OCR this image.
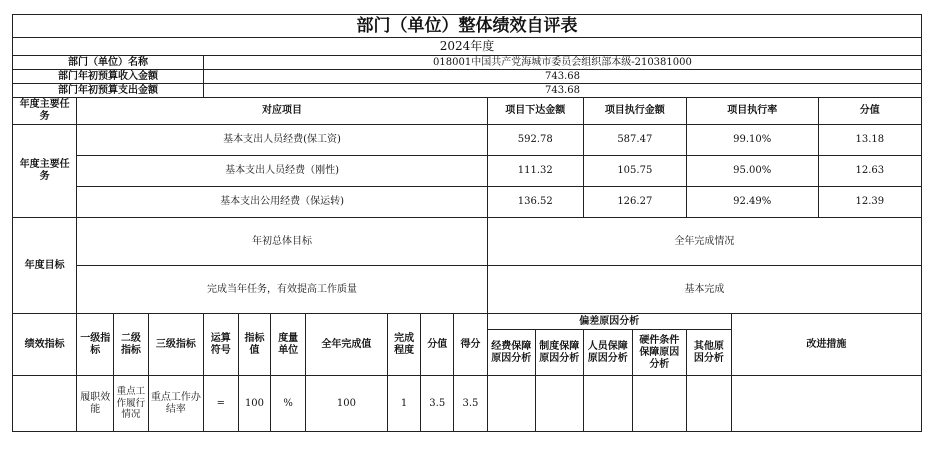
部门（单位）整体绩效自评表																	
2024年度																	
部门（单位）名称				018001中国共产党海城市委员会组织部本级-210381000													
部门年初预算收入金额				743.68													
部门年初预算支出金额				743.68													
年度主要任务	对应项目										项目下达金额		项目执行金额		项目执行率		分值
年度主要任务	基本支出人员经费(保工资)										592.78		587.47		99.10%		13.18
	基本支出人员经费（刚性)										111.32		105.75		95.00%		12.63
	基本支出公用经费（保运转)										136.52		126.27		92.49%		12.39
年度目标	年初总体目标										全年完成情况						
	完成当年任务，有效提高工作质量										基本完成						
绩效指标	一级指标	二级指标	三级指标	运算符号	指标值	度量单位	全年完成值	完成程度	分值	得分	偏差原因分析					改进措施	
											经费保障原因分析	制度保障原因分析	人员保障原因分析	硬件条件保障原因分析	其他原因分析		
	履职效能	重点工作履行情况	重点工作办结率	=	100	%	100	1	3.5	3.5							
